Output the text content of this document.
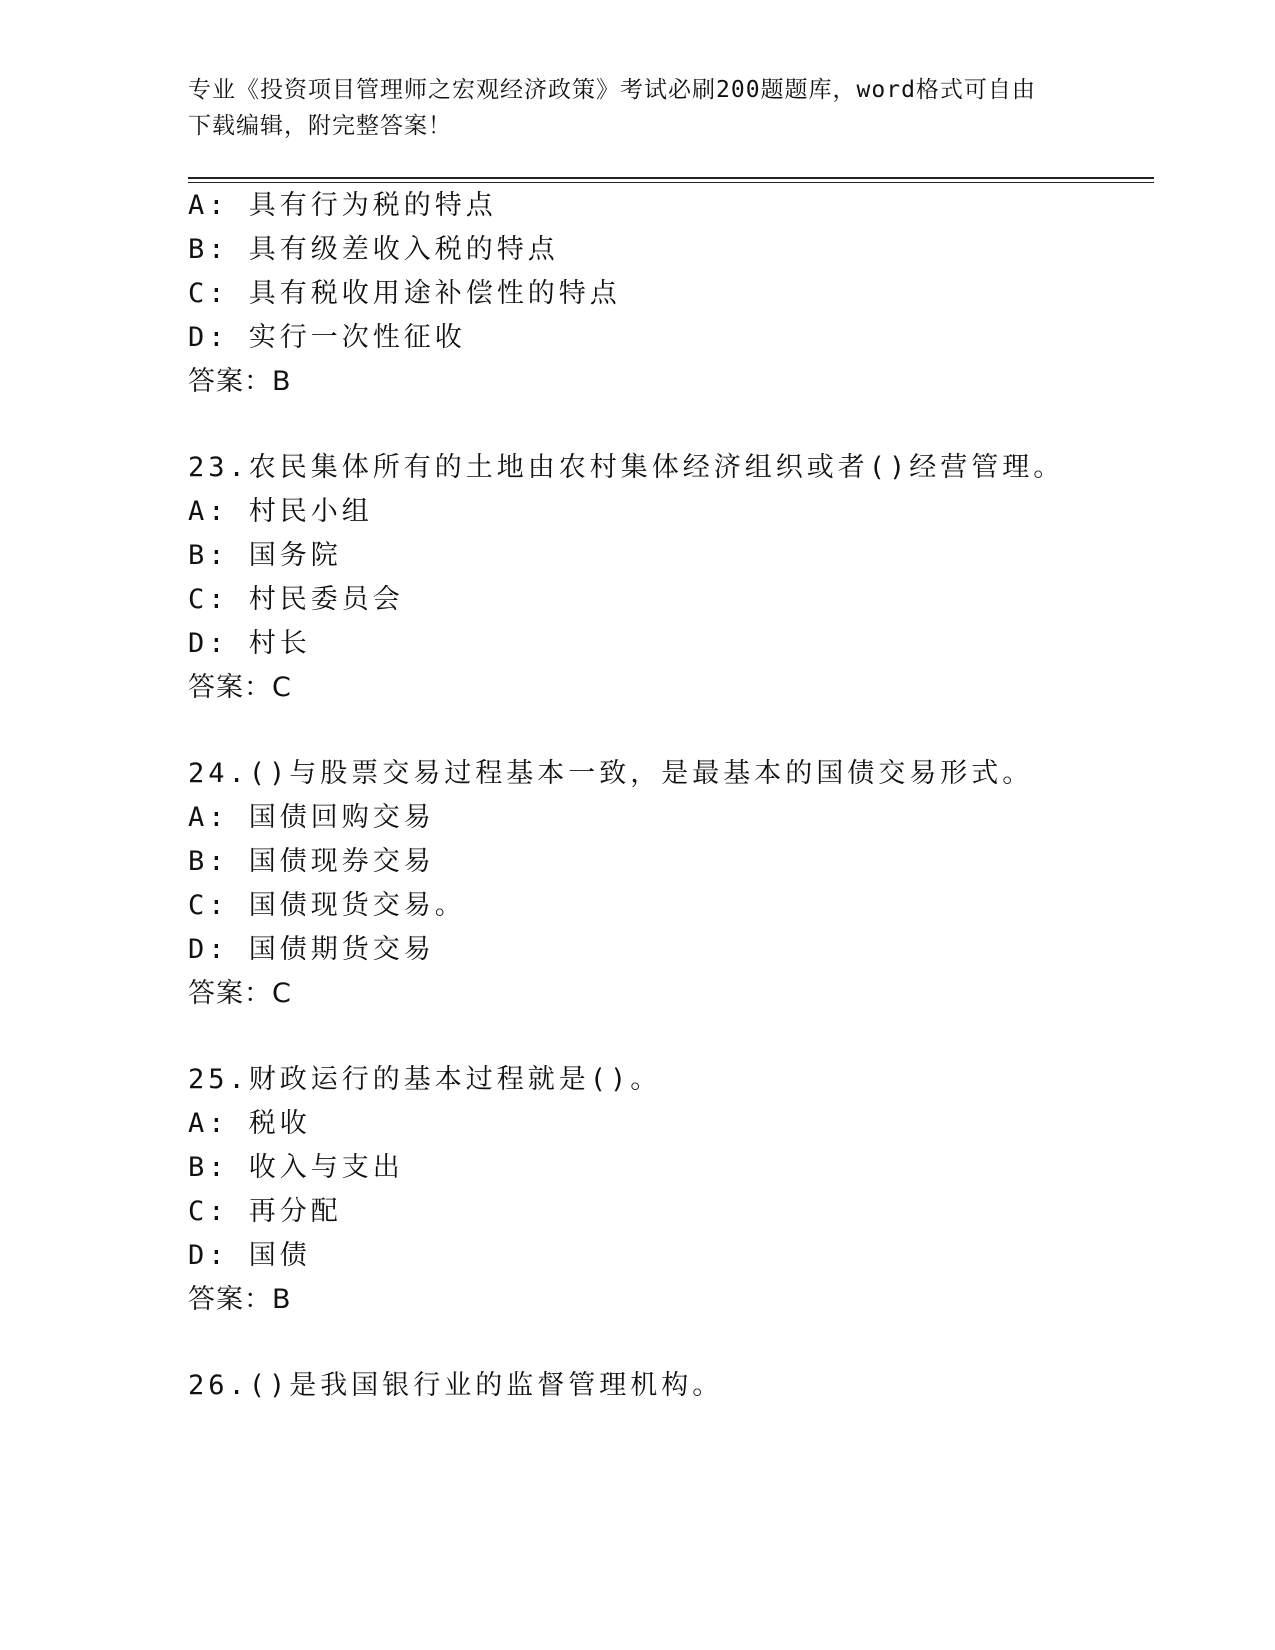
专业《投资项目管理师之宏观经济政策》考试必刷200题题库，word格式可自由
下载编辑，附完整答案！
A: 具有行为税的特点
B: 具有级差收入税的特点
C: 具有税收用途补偿性的特点
D: 实行一次性征收
答案：B
23.农民集体所有的土地由农村集体经济组织或者()经营管理。
A: 村民小组
B: 国务院
C: 村民委员会
D: 村长
答案：C
24.()与股票交易过程基本一致，是最基本的国债交易形式。
A: 国债回购交易
B: 国债现券交易
C: 国债现货交易。
D: 国债期货交易
答案：C
25.财政运行的基本过程就是()。
A: 税收
B: 收入与支出
C: 再分配
D: 国债
答案：B
26.()是我国银行业的监督管理机构。
